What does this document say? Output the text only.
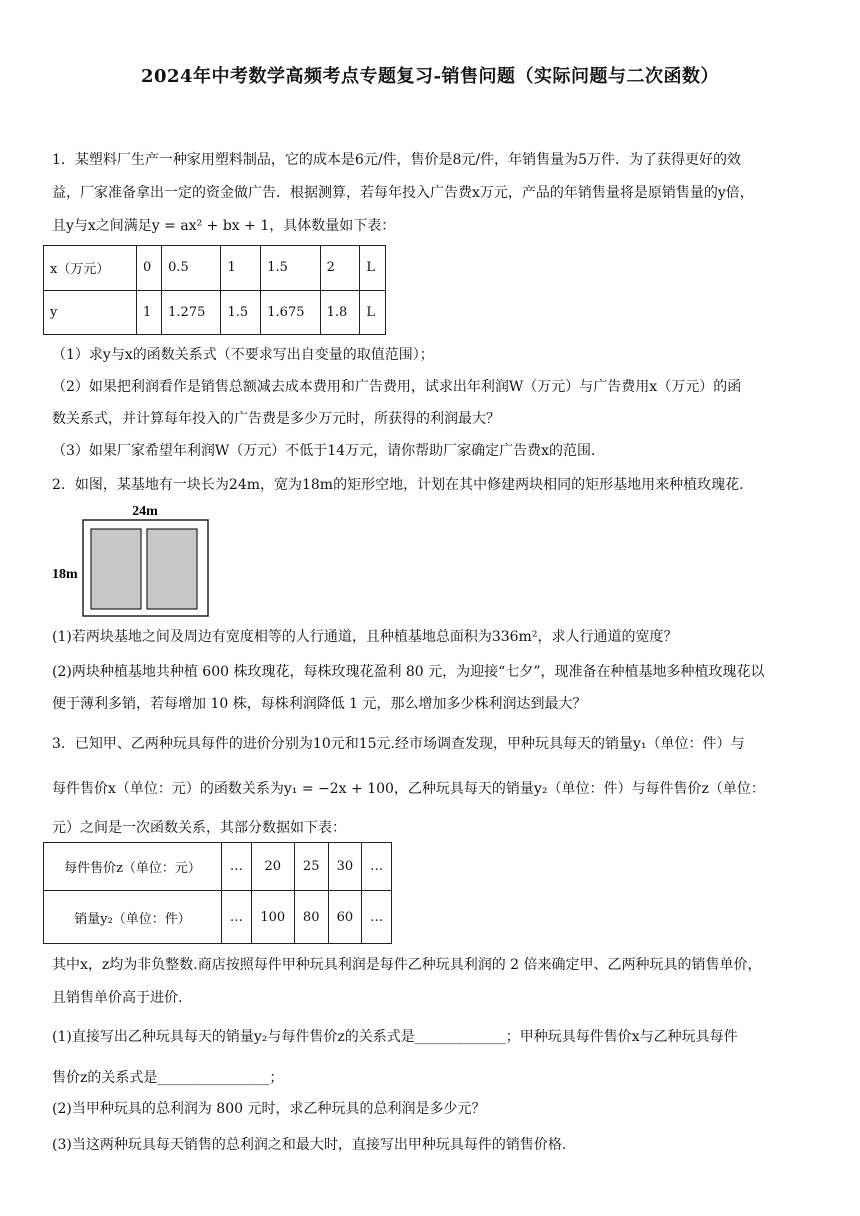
2024年中考数学高频考点专题复习-销售问题（实际问题与二次函数）
1．某塑料厂生产一种家用塑料制品，它的成本是6元/件，售价是8元/件，年销售量为5万件．为了获得更好的效
益，厂家准备拿出一定的资金做广告．根据测算，若每年投入广告费x万元，产品的年销售量将是原销售量的y倍，
且y与x之间满足y = ax² + bx + 1，具体数量如下表：
x（万元）	0	0.5	1	1.5	2	L
y	1	1.275	1.5	1.675	1.8	L
（1）求y与x的函数关系式（不要求写出自变量的取值范围）；
（2）如果把利润看作是销售总额减去成本费用和广告费用，试求出年利润W（万元）与广告费用x（万元）的函
数关系式，并计算每年投入的广告费是多少万元时，所获得的利润最大？
（3）如果厂家希望年利润W（万元）不低于14万元，请你帮助厂家确定广告费x的范围．
2．如图，某基地有一块长为24m，宽为18m的矩形空地，计划在其中修建两块相同的矩形基地用来种植玫瑰花．
24m
18m
(1)若两块基地之间及周边有宽度相等的人行通道，且种植基地总面积为336m²，求人行通道的宽度？
(2)两块种植基地共种植 600 株玫瑰花，每株玫瑰花盈利 80 元，为迎接“七夕”，现准备在种植基地多种植玫瑰花以
便于薄利多销，若每增加 10 株，每株利润降低 1 元，那么增加多少株利润达到最大？
3．已知甲、乙两种玩具每件的进价分别为10元和15元.经市场调查发现，甲种玩具每天的销量y₁（单位：件）与
每件售价x（单位：元）的函数关系为y₁ = −2x + 100，乙种玩具每天的销量y₂（单位：件）与每件售价z（单位：
元）之间是一次函数关系，其部分数据如下表：
每件售价z（单位：元）	…	20	25	30	…
销量y₂（单位：件）	…	100	80	60	…
其中x，z均为非负整数.商店按照每件甲种玩具利润是每件乙种玩具利润的 2 倍来确定甲、乙两种玩具的销售单价，
且销售单价高于进价.
(1)直接写出乙种玩具每天的销量y₂与每件售价z的关系式是_____________；甲种玩具每件售价x与乙种玩具每件
售价z的关系式是________________；
(2)当甲种玩具的总利润为 800 元时，求乙种玩具的总利润是多少元？
(3)当这两种玩具每天销售的总利润之和最大时，直接写出甲种玩具每件的销售价格.
